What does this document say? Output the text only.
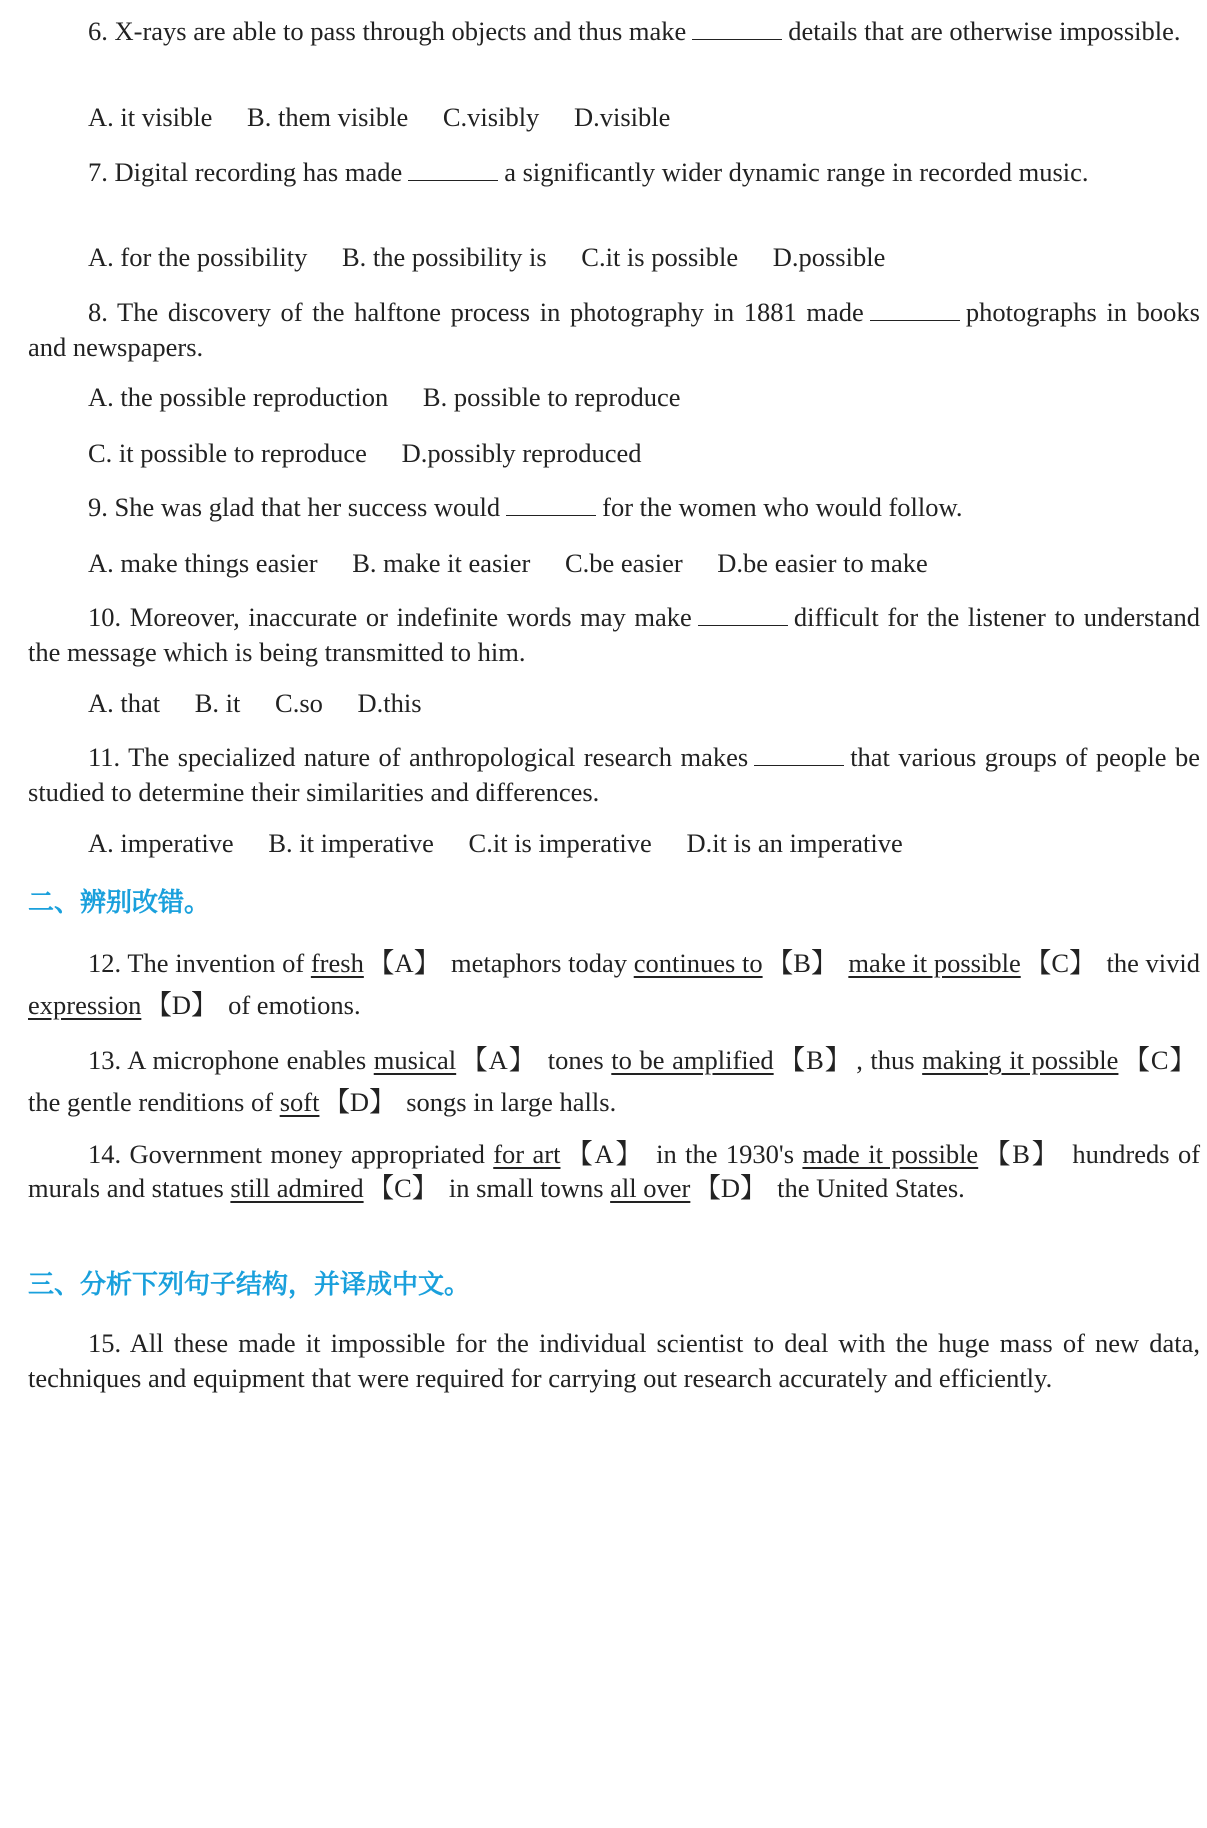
6. X-rays are able to pass through objects and thus make	details that are otherwise impossible.
A. it visible B. them visible C.visibly D.visible
7. Digital recording has made	a significantly wider dynamic range in recorded music.
A. for the possibility B. the possibility is C.it is possible D.possible
8. The discovery of the halftone process in photography in 1881 made	photographs in books and newspapers.
A. the possible reproduction B. possible to reproduce
C. it possible to reproduce D.possibly reproduced
9. She was glad that her success would	for the women who would follow.
A. make things easier B. make it easier C.be easier D.be easier to make
10. Moreover, inaccurate or indefinite words may make	difficult for the listener to understand the message which is being transmitted to him.
A. that B. it C.so D.this
11. The specialized nature of anthropological research makes	that various groups of people be studied to determine their similarities and differences.
A. imperative B. it imperative C.it is imperative D.it is an imperative
二、辨别改错。
12. The invention of fresh 【A】 metaphors today continues to 【B】 make it possible 【C】 the vivid expression 【D】 of emotions.
13. A microphone enables musical 【A】 tones to be amplified 【B】 , thus making it possible 【C】 the gentle renditions of soft 【D】 songs in large halls.
14. Government money appropriated for art 【A】 in the 1930's made it possible 【B】 hundreds of murals and statues still admired 【C】 in small towns all over 【D】 the United States.
三、分析下列句子结构，并译成中文。
15. All these made it impossible for the individual scientist to deal with the huge mass of new data, techniques and equipment that were required for carrying out research accurately and efficiently.
